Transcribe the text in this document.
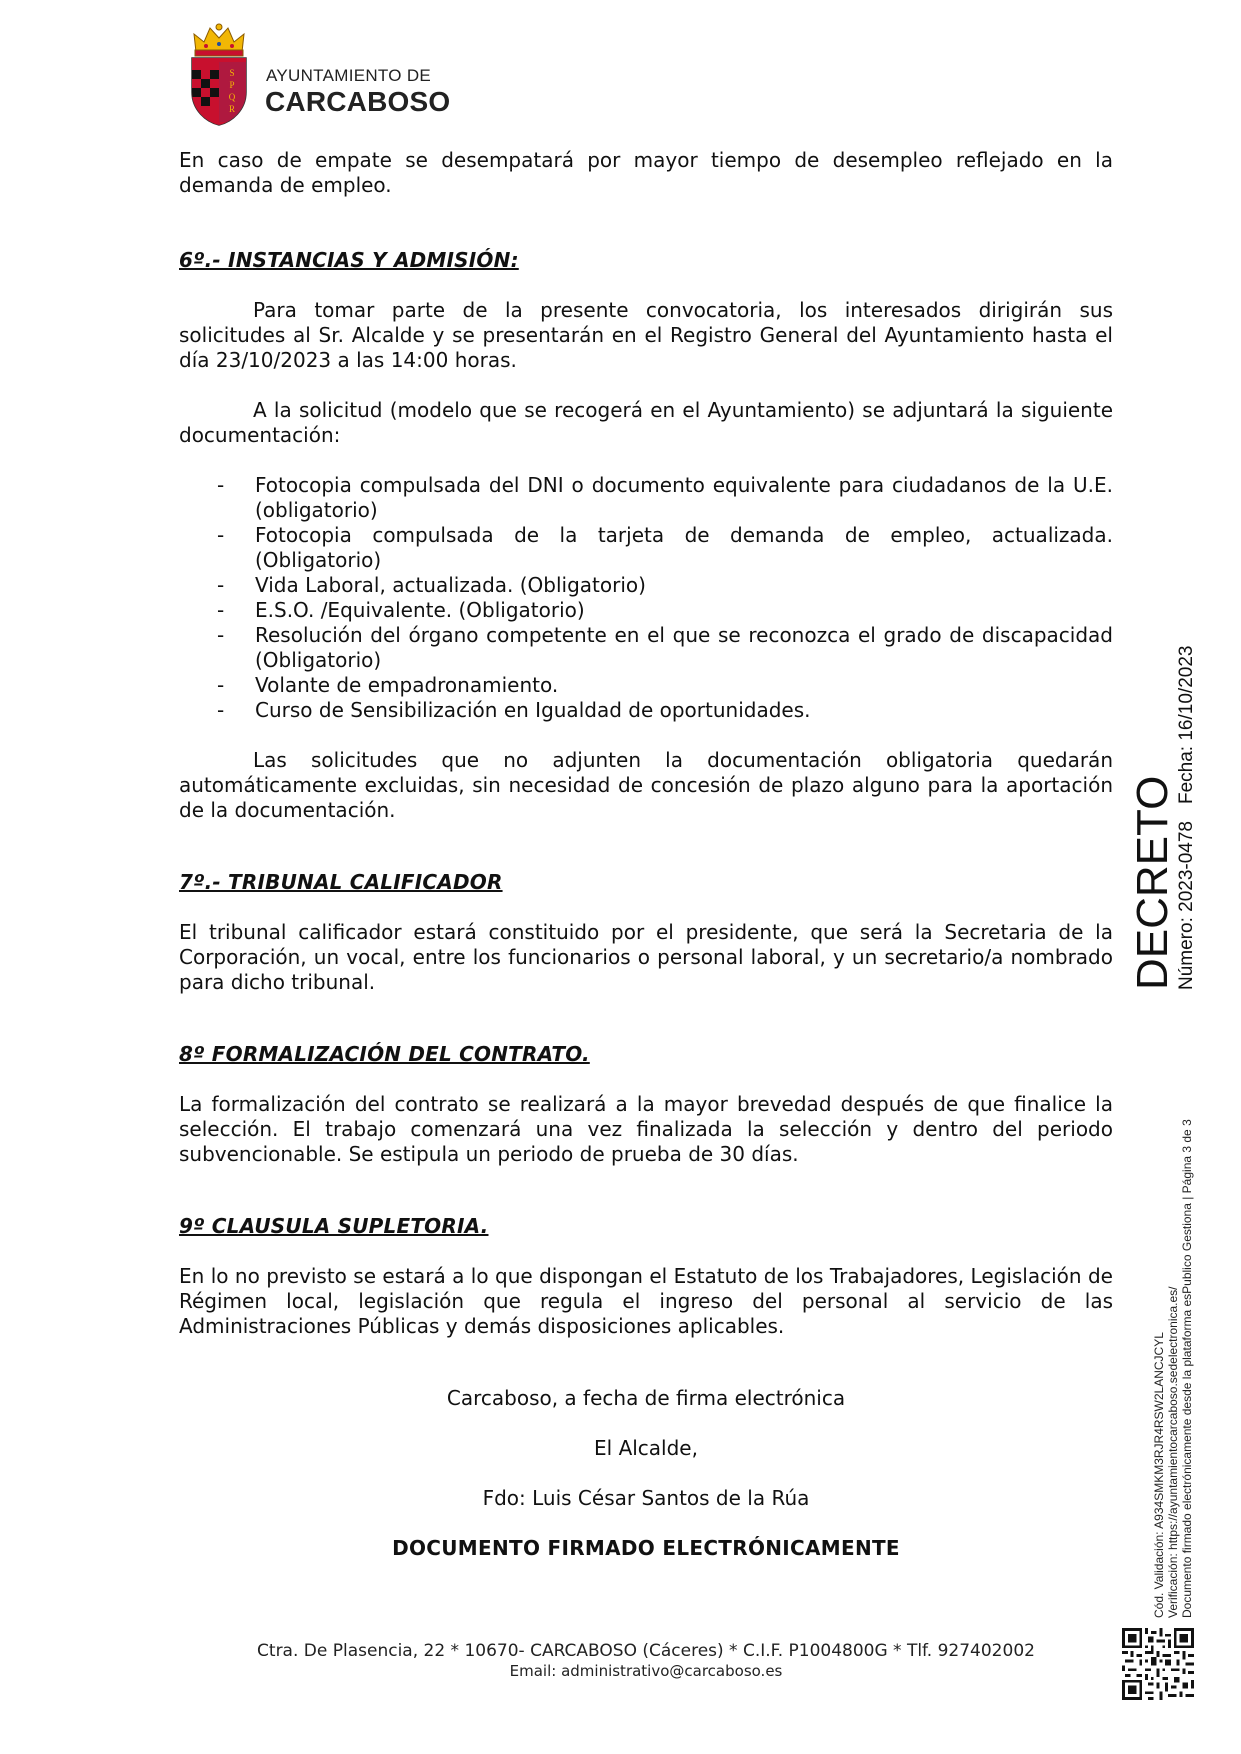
S
P
Q
R
AYUNTAMIENTO DE
CARCABOSO

En caso de empate se desempatará por mayor tiempo de desempleo reflejado en la demanda de empleo.

6º.- INSTANCIAS Y ADMISIÓN:

Para tomar parte de la presente convocatoria, los interesados dirigirán sus solicitudes al Sr. Alcalde y se presentarán en el Registro General del Ayuntamiento hasta el día 23/10/2023 a las 14:00 horas.

A la solicitud (modelo que se recogerá en el Ayuntamiento) se adjuntará la siguiente documentación:

- Fotocopia compulsada del DNI o documento equivalente para ciudadanos de la U.E. (obligatorio)
- Fotocopia compulsada de la tarjeta de demanda de empleo, actualizada. (Obligatorio)
- Vida Laboral, actualizada. (Obligatorio)
- E.S.O. /Equivalente. (Obligatorio)
- Resolución del órgano competente en el que se reconozca el grado de discapacidad (Obligatorio)
- Volante de empadronamiento.
- Curso de Sensibilización en Igualdad de oportunidades.

Las solicitudes que no adjunten la documentación obligatoria quedarán automáticamente excluidas, sin necesidad de concesión de plazo alguno para la aportación de la documentación.

7º.- TRIBUNAL CALIFICADOR

El tribunal calificador estará constituido por el presidente, que será la Secretaria de la Corporación, un vocal, entre los funcionarios o personal laboral, y un secretario/a nombrado para dicho tribunal.

8º FORMALIZACIÓN DEL CONTRATO.

La formalización del contrato se realizará a la mayor brevedad después de que finalice la selección. El trabajo comenzará una vez finalizada la selección y dentro del periodo subvencionable. Se estipula un periodo de prueba de 30 días.

9º CLAUSULA SUPLETORIA.

En lo no previsto se estará a lo que dispongan el Estatuto de los Trabajadores, Legislación de Régimen local, legislación que regula el ingreso del personal al servicio de las Administraciones Públicas y demás disposiciones aplicables.

Carcaboso, a fecha de firma electrónica

El Alcalde,

Fdo: Luis César Santos de la Rúa

DOCUMENTO FIRMADO ELECTRÓNICAMENTE

Ctra. De Plasencia, 22 * 10670- CARCABOSO (Cáceres) * C.I.F. P1004800G * Tlf. 927402002
Email: administrativo@carcaboso.es
DECRETO Número: 2023-0478
Fecha: 16/10/2023
Cód. Validación: A934SMKM3RJR4RSW2LANCJCYL Verificación: https://ayuntamientocarcaboso.sedelectronica.es/ Documento firmado electrónicamente desde la plataforma esPublico Gestiona | Página 3 de 3
